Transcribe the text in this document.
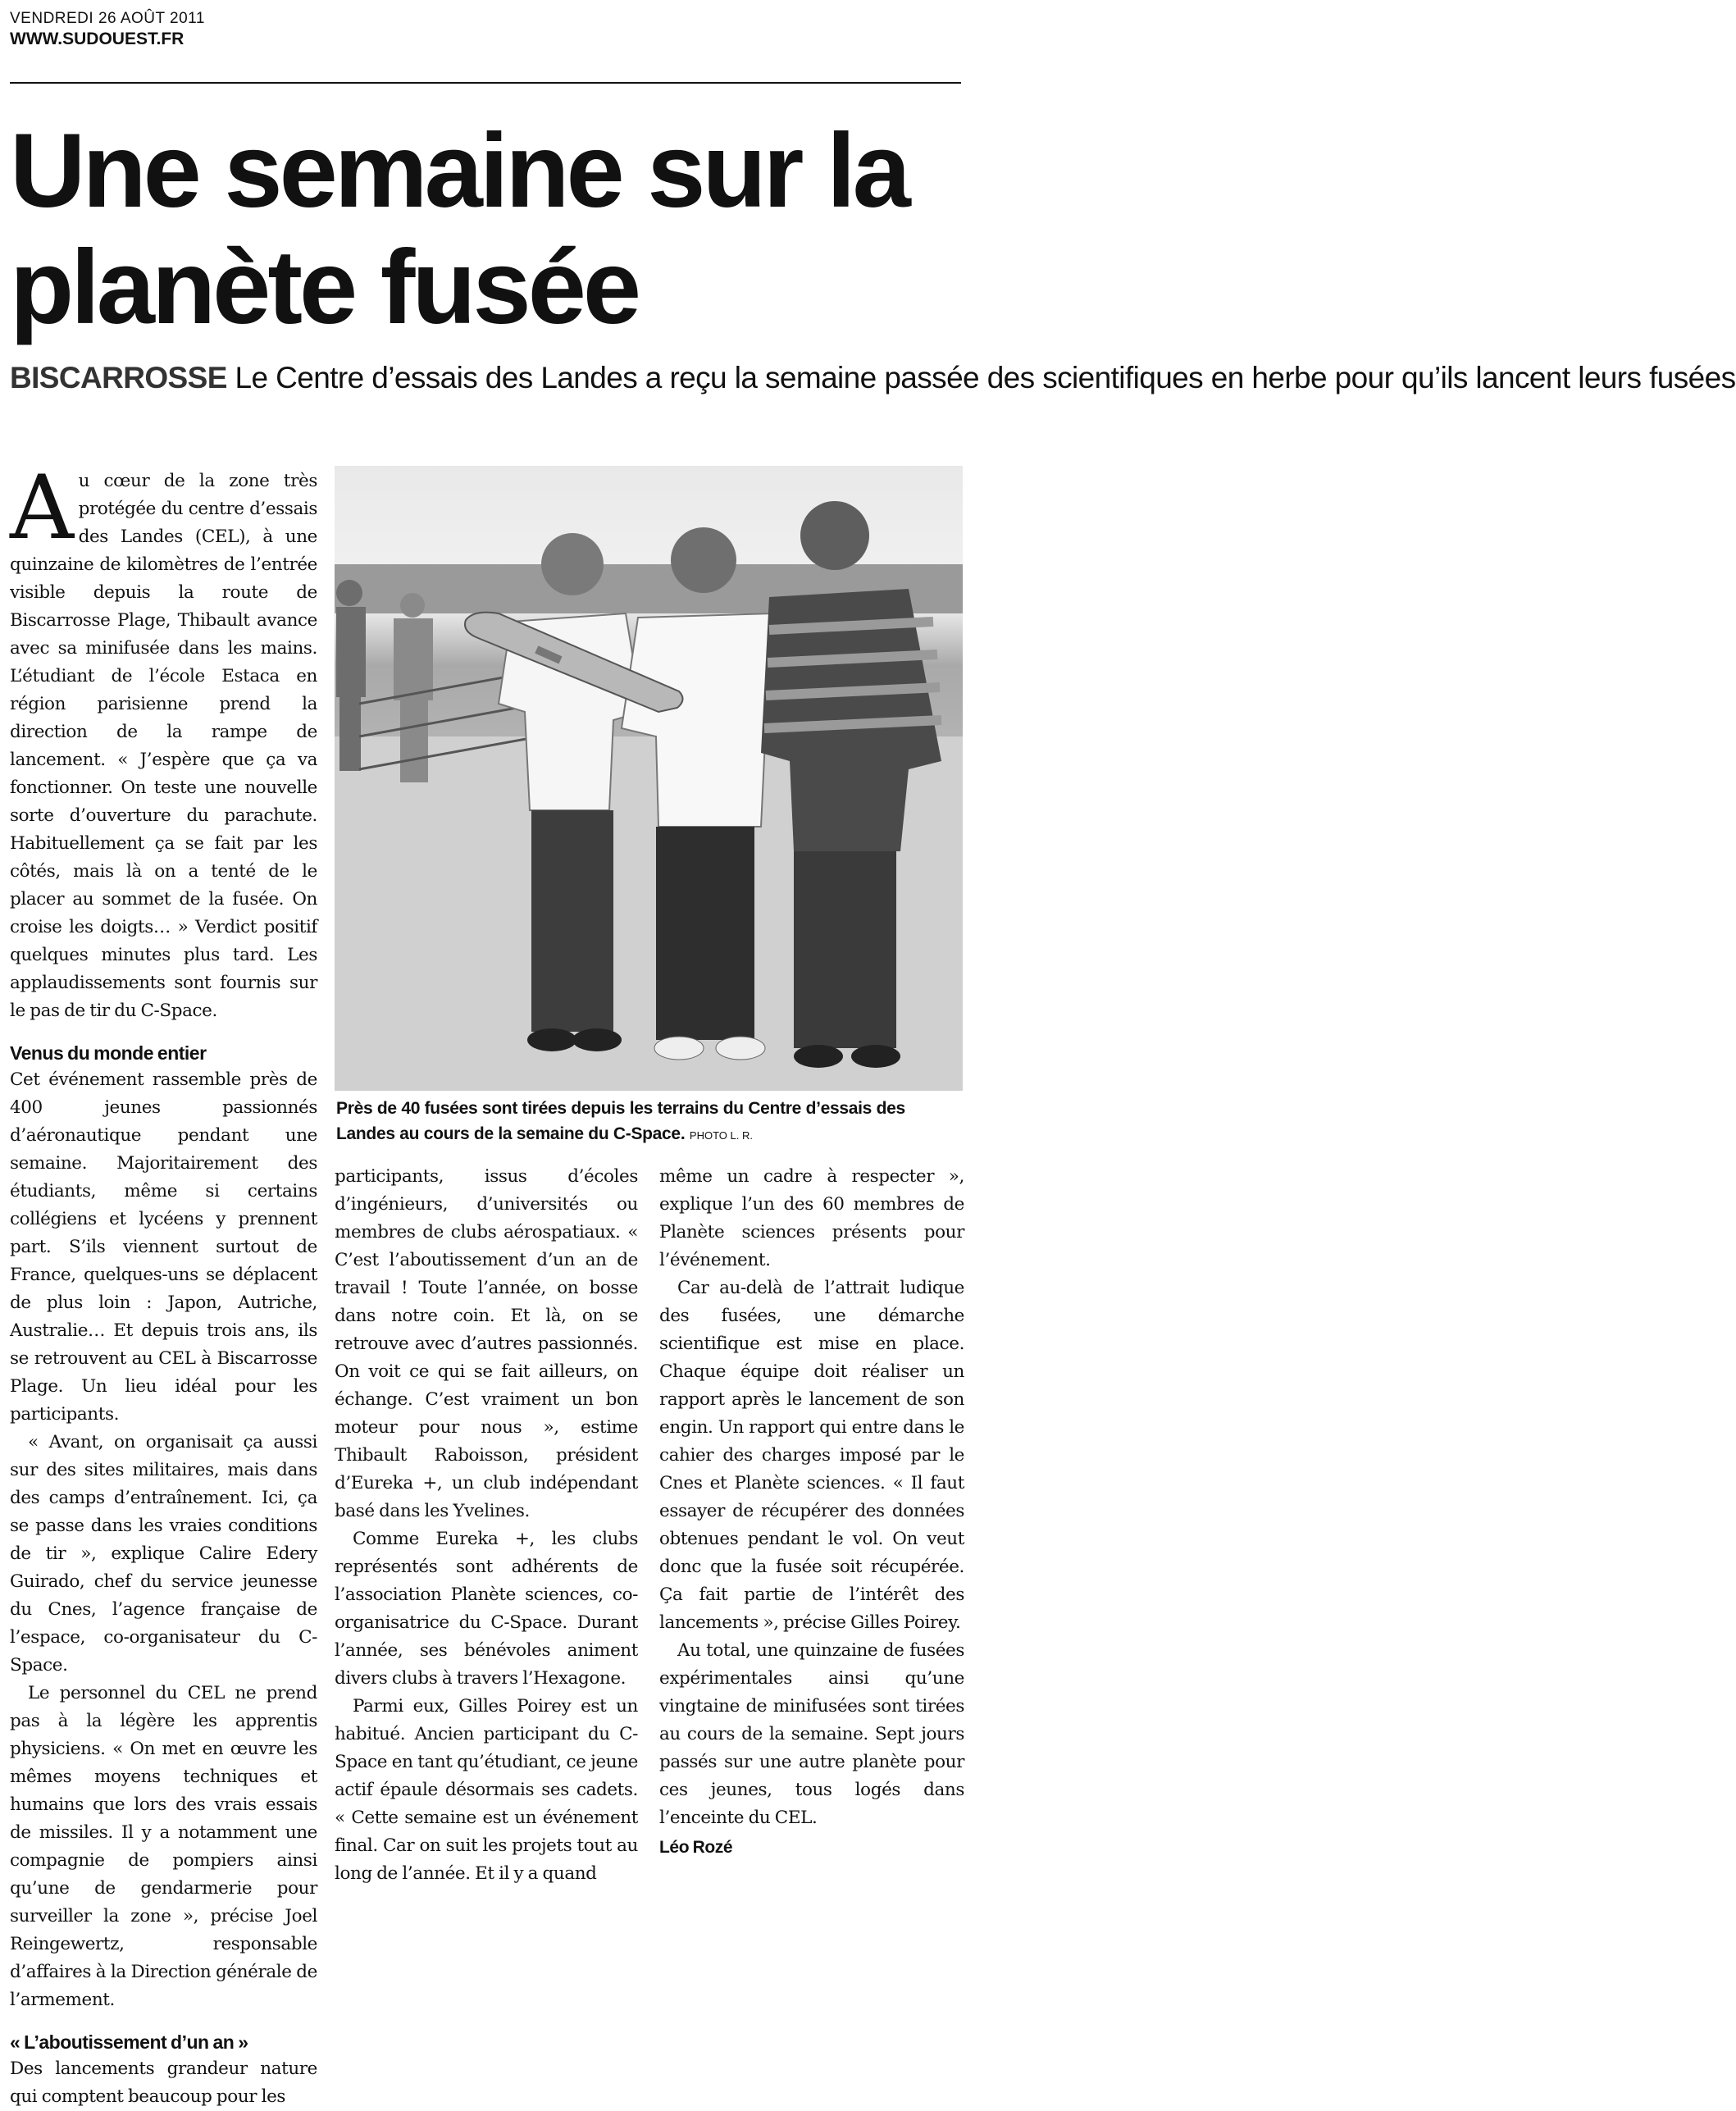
VENDREDI 26 AOÛT 2011
WWW.SUDOUEST.FR
Une semaine sur la planète fusée

BISCARROSSE Le Centre d’essais des Landes a reçu la semaine passée des scientifiques en herbe pour qu’ils lancent leurs fusées

Au cœur de la zone très protégée du centre d’essais des Landes (CEL), à une quinzaine de kilomètres de l’entrée visible depuis la route de Biscarrosse Plage, Thibault avance avec sa minifusée dans les mains. L’étudiant de l’école Estaca en région parisienne prend la direction de la rampe de lancement. « J’espère que ça va fonctionner. On teste une nouvelle sorte d’ouverture du parachute. Habituellement ça se fait par les côtés, mais là on a tenté de le placer au sommet de la fusée. On croise les doigts… » Verdict positif quelques minutes plus tard. Les applaudissements sont fournis sur le pas de tir du C-Space.

Venus du monde entier

Cet événement rassemble près de 400 jeunes passionnés d’aéronautique pendant une semaine. Majoritairement des étudiants, même si certains collégiens et lycéens y prennent part. S’ils viennent surtout de France, quelques-uns se déplacent de plus loin : Japon, Autriche, Australie… Et depuis trois ans, ils se retrouvent au CEL à Biscarrosse Plage. Un lieu idéal pour les participants.

« Avant, on organisait ça aussi sur des sites militaires, mais dans des camps d’entraînement. Ici, ça se passe dans les vraies conditions de tir », explique Calire Edery Guirado, chef du service jeunesse du Cnes, l’agence française de l’espace, co-organisateur du C-Space.

Le personnel du CEL ne prend pas à la légère les apprentis physiciens. « On met en œuvre les mêmes moyens techniques et humains que lors des vrais essais de missiles. Il y a notamment une compagnie de pompiers ainsi qu’une de gendarmerie pour surveiller la zone », précise Joel Reingewertz, responsable d’affaires à la Direction générale de l’armement.

« L’aboutissement d’un an »

Des lancements grandeur nature qui comptent beaucoup pour les

Près de 40 fusées sont tirées depuis les terrains du Centre d’essais des Landes au cours de la semaine du C-Space. PHOTO L. R.

participants, issus d’écoles d’ingénieurs, d’universités ou membres de clubs aérospatiaux. « C’est l’aboutissement d’un an de travail ! Toute l’année, on bosse dans notre coin. Et là, on se retrouve avec d’autres passionnés. On voit ce qui se fait ailleurs, on échange. C’est vraiment un bon moteur pour nous », estime Thibault Raboisson, président d’Eureka +, un club indépendant basé dans les Yvelines.

Comme Eureka +, les clubs représentés sont adhérents de l’association Planète sciences, co-organisatrice du C-Space. Durant l’année, ses bénévoles animent divers clubs à travers l’Hexagone.

Parmi eux, Gilles Poirey est un habitué. Ancien participant du C-Space en tant qu’étudiant, ce jeune actif épaule désormais ses cadets. « Cette semaine est un événement final. Car on suit les projets tout au long de l’année. Et il y a quand

même un cadre à respecter », explique l’un des 60 membres de Planète sciences présents pour l’événement.

Car au-delà de l’attrait ludique des fusées, une démarche scientifique est mise en place. Chaque équipe doit réaliser un rapport après le lancement de son engin. Un rapport qui entre dans le cahier des charges imposé par le Cnes et Planète sciences. « Il faut essayer de récupérer des données obtenues pendant le vol. On veut donc que la fusée soit récupérée. Ça fait partie de l’intérêt des lancements », précise Gilles Poirey.

Au total, une quinzaine de fusées expérimentales ainsi qu’une vingtaine de minifusées sont tirées au cours de la semaine. Sept jours passés sur une autre planète pour ces jeunes, tous logés dans l’enceinte du CEL.

Léo Rozé
